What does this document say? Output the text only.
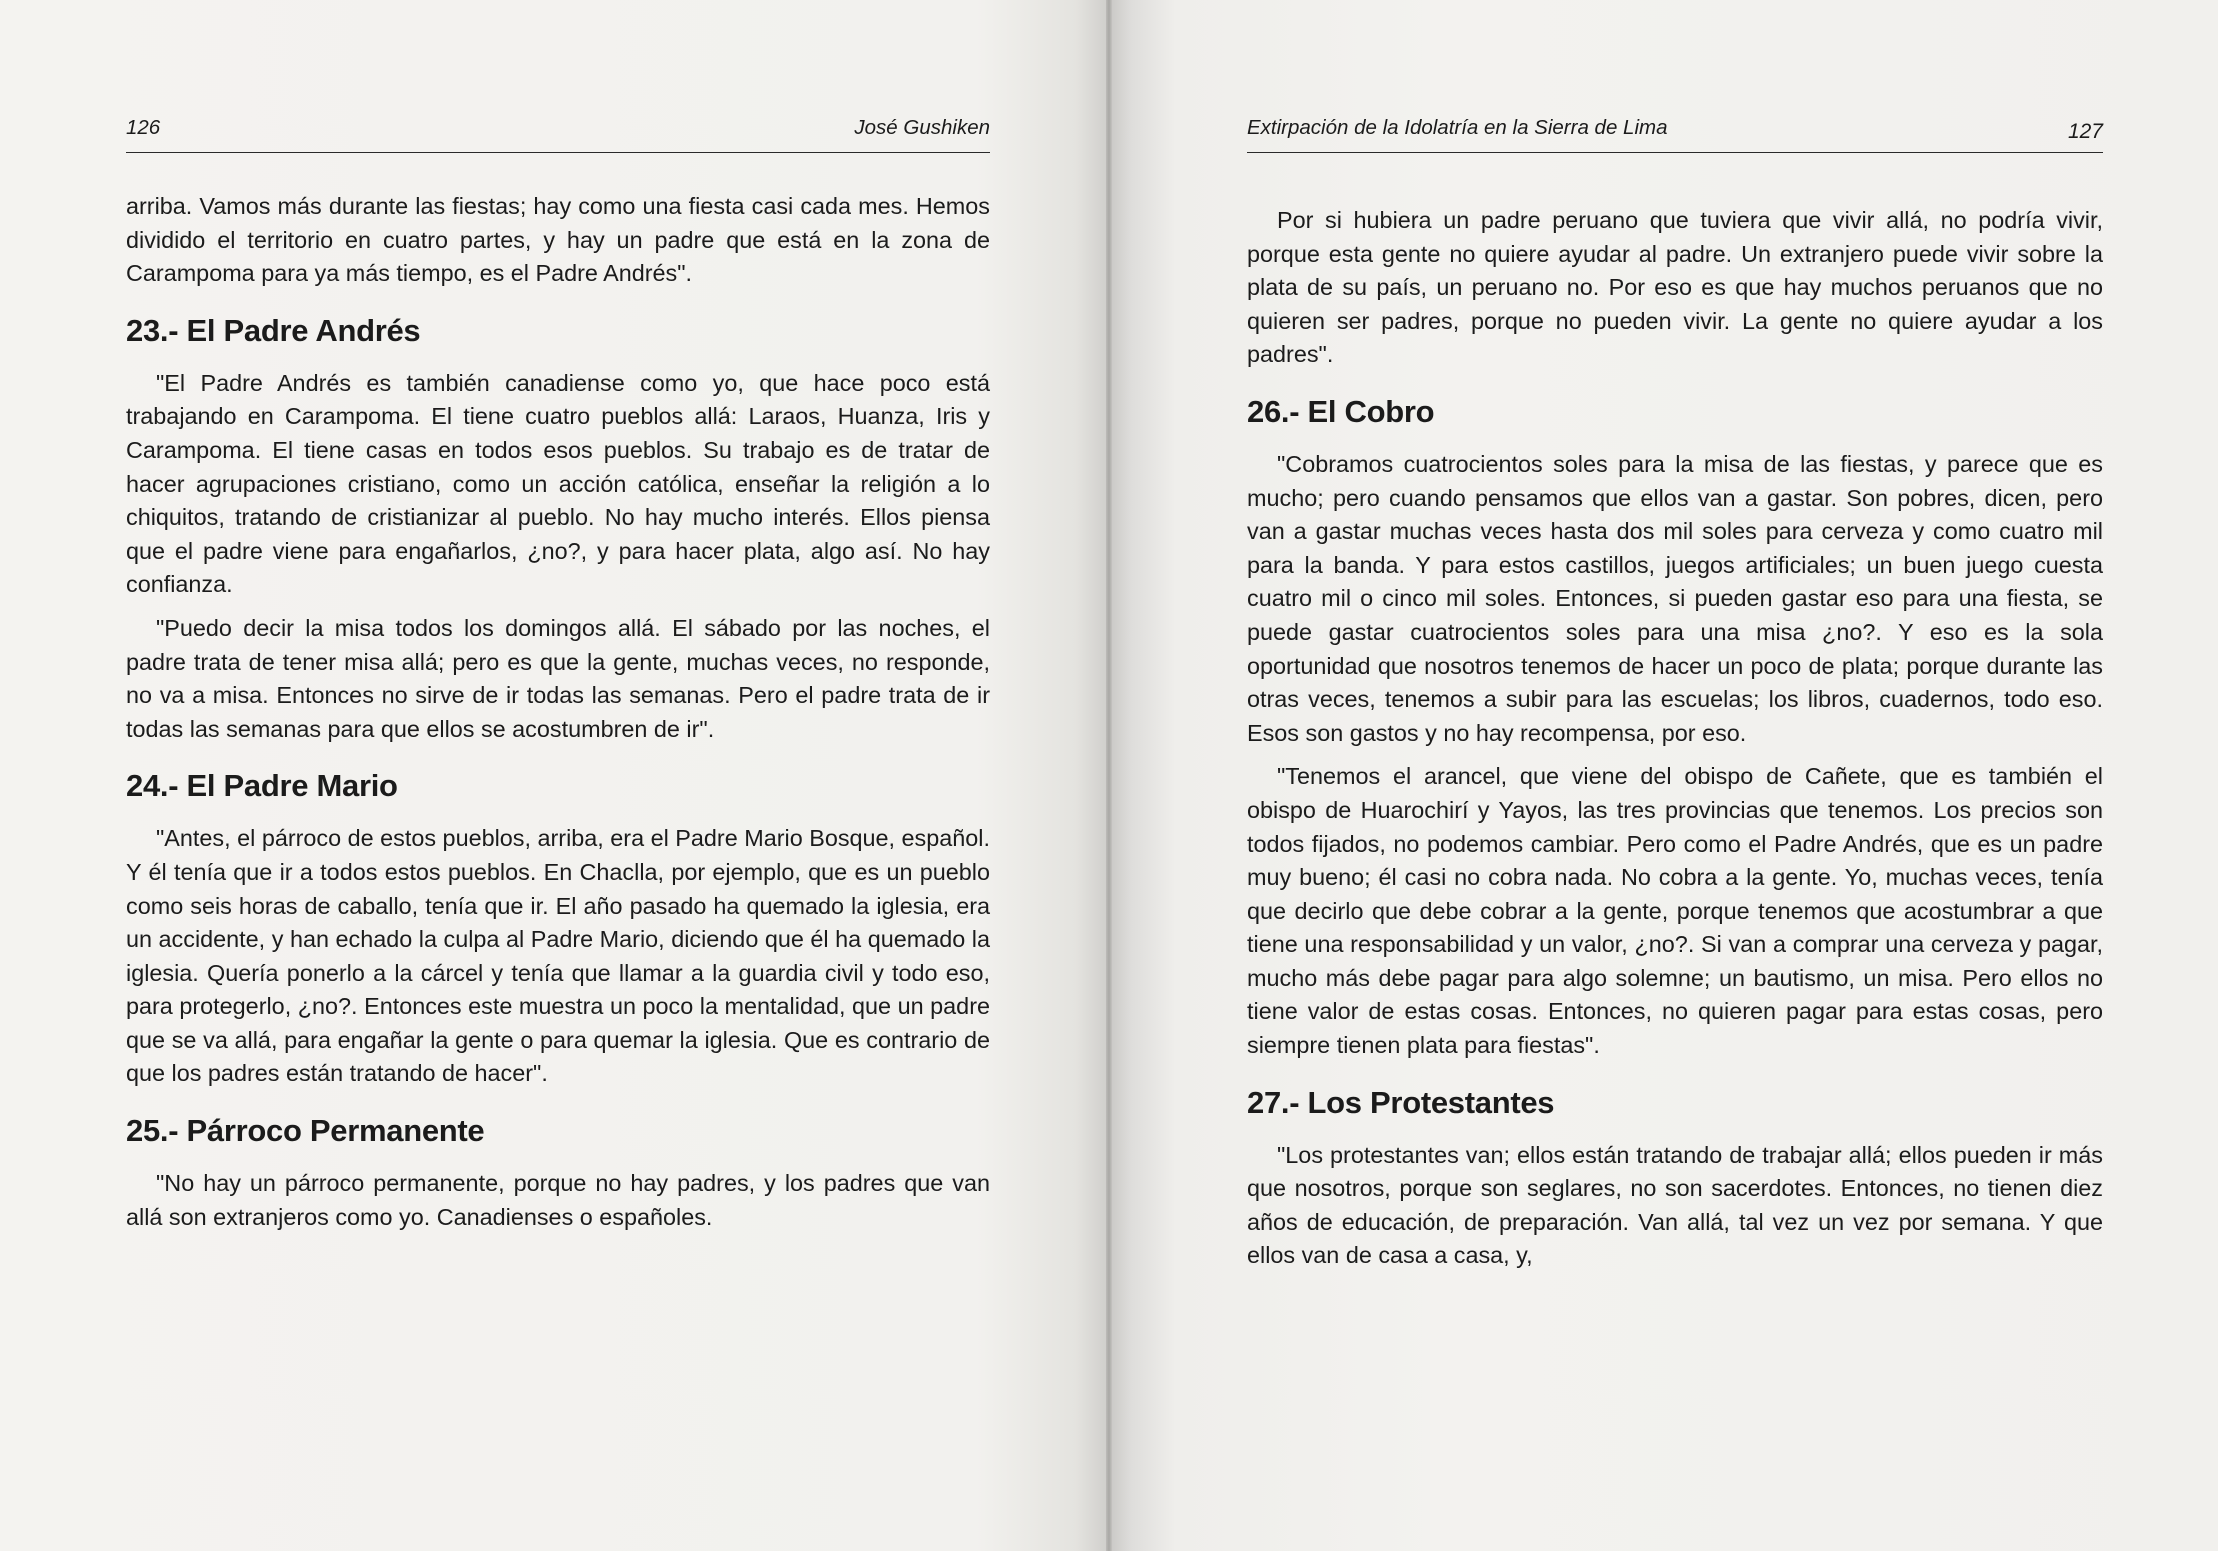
126	José Gushiken

arriba. Vamos más durante las fiestas; hay como una fiesta casi cada mes. Hemos dividido el territorio en cuatro partes, y hay un padre que está en la zona de Carampoma para ya más tiempo, es el Padre Andrés".

23.- El Padre Andrés

"El Padre Andrés es también canadiense como yo, que hace poco está trabajando en Carampoma. El tiene cuatro pueblos allá: Laraos, Huanza, Iris y Carampoma. El tiene casas en todos esos pueblos. Su trabajo es de tratar de hacer agrupaciones cristiano, como un acción católica, enseñar la religión a lo chiquitos, tratando de cristianizar al pueblo. No hay mucho interés. Ellos piensa que el padre viene para engañarlos, ¿no?, y para hacer plata, algo así. No hay confianza.

"Puedo decir la misa todos los domingos allá. El sábado por las noches, el padre trata de tener misa allá; pero es que la gente, muchas veces, no responde, no va a misa. Entonces no sirve de ir todas las semanas. Pero el padre trata de ir todas las semanas para que ellos se acostumbren de ir".

24.- El Padre Mario

"Antes, el párroco de estos pueblos, arriba, era el Padre Mario Bosque, español. Y él tenía que ir a todos estos pueblos. En Chaclla, por ejemplo, que es un pueblo como seis horas de caballo, tenía que ir. El año pasado ha quemado la iglesia, era un accidente, y han echado la culpa al Padre Mario, diciendo que él ha quemado la iglesia. Quería ponerlo a la cárcel y tenía que llamar a la guardia civil y todo eso, para protegerlo, ¿no?. Entonces este muestra un poco la mentalidad, que un padre que se va allá, para engañar la gente o para quemar la iglesia. Que es contrario de que los padres están tratando de hacer".

25.- Párroco Permanente

"No hay un párroco permanente, porque no hay padres, y los padres que van allá son extranjeros como yo. Canadienses o españoles.

Extirpación de la Idolatría en la Sierra de Lima	127

Por si hubiera un padre peruano que tuviera que vivir allá, no podría vivir, porque esta gente no quiere ayudar al padre. Un extranjero puede vivir sobre la plata de su país, un peruano no. Por eso es que hay muchos peruanos que no quieren ser padres, porque no pueden vivir. La gente no quiere ayudar a los padres".

26.- El Cobro

"Cobramos cuatrocientos soles para la misa de las fiestas, y parece que es mucho; pero cuando pensamos que ellos van a gastar. Son pobres, dicen, pero van a gastar muchas veces hasta dos mil soles para cerveza y como cuatro mil para la banda. Y para estos castillos, juegos artificiales; un buen juego cuesta cuatro mil o cinco mil soles. Entonces, si pueden gastar eso para una fiesta, se puede gastar cuatrocientos soles para una misa ¿no?. Y eso es la sola oportunidad que nosotros tenemos de hacer un poco de plata; porque durante las otras veces, tenemos a subir para las escuelas; los libros, cuadernos, todo eso. Esos son gastos y no hay recompensa, por eso.

"Tenemos el arancel, que viene del obispo de Cañete, que es también el obispo de Huarochirí y Yayos, las tres provincias que tenemos. Los precios son todos fijados, no podemos cambiar. Pero como el Padre Andrés, que es un padre muy bueno; él casi no cobra nada. No cobra a la gente. Yo, muchas veces, tenía que decirlo que debe cobrar a la gente, porque tenemos que acostumbrar a que tiene una responsabilidad y un valor, ¿no?. Si van a comprar una cerveza y pagar, mucho más debe pagar para algo solemne; un bautismo, un misa. Pero ellos no tiene valor de estas cosas. Entonces, no quieren pagar para estas cosas, pero siempre tienen plata para fiestas".

27.- Los Protestantes

"Los protestantes van; ellos están tratando de trabajar allá; ellos pueden ir más que nosotros, porque son seglares, no son sacerdotes. Entonces, no tienen diez años de educación, de preparación. Van allá, tal vez un vez por semana. Y que ellos van de casa a casa, y,
